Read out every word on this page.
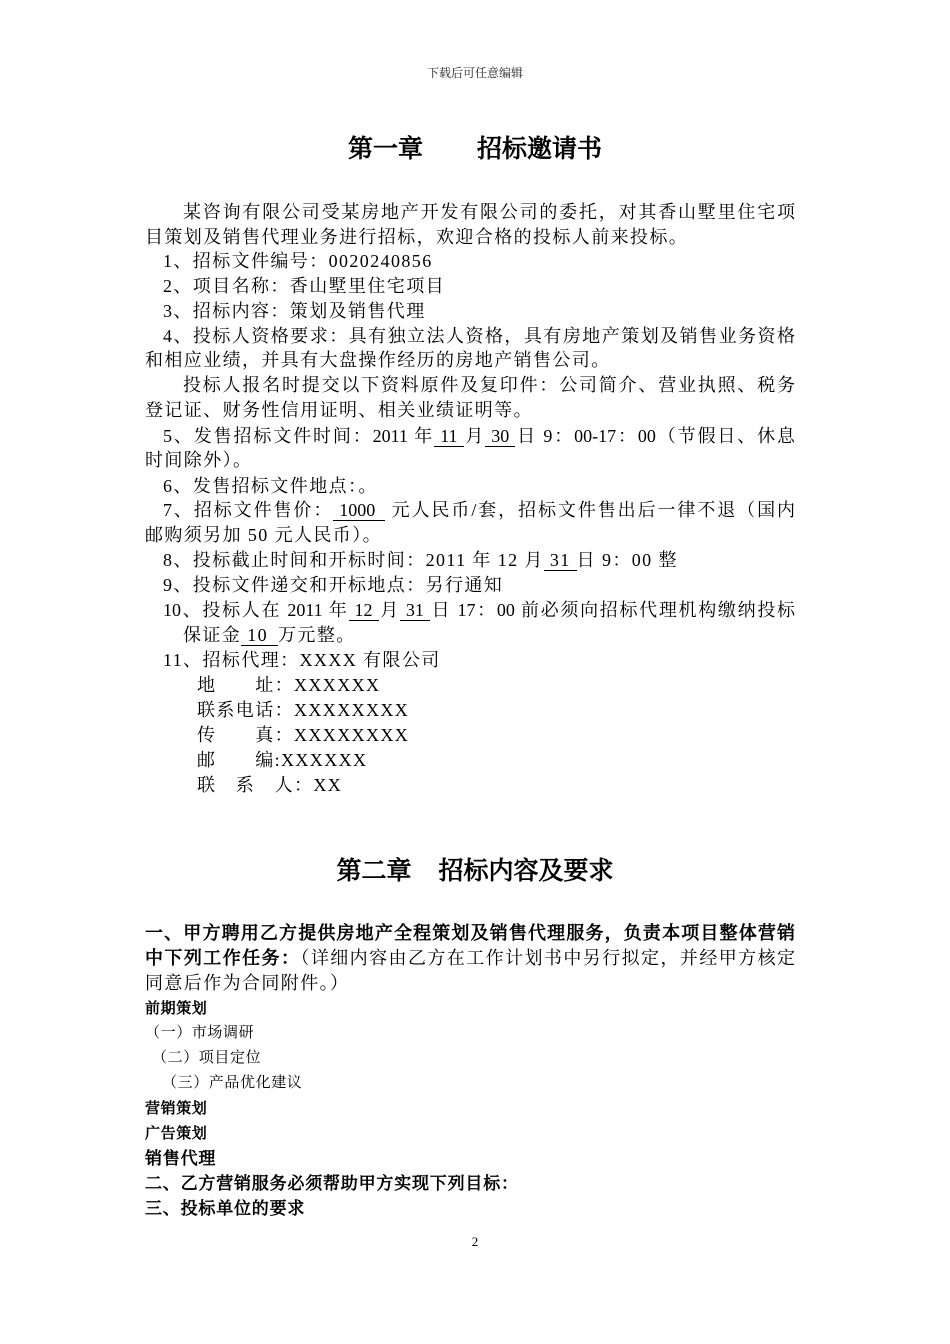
下载后可任意编辑
第一章 招标邀请书
某咨询有限公司受某房地产开发有限公司的委托，对其香山墅里住宅项
目策划及销售代理业务进行招标，欢迎合格的投标人前来投标。
1、招标文件编号：0020240856
2、项目名称：香山墅里住宅项目
3、招标内容：策划及销售代理
4、投标人资格要求：具有独立法人资格，具有房地产策划及销售业务资格
和相应业绩，并具有大盘操作经历的房地产销售公司。
投标人报名时提交以下资料原件及复印件：公司简介、营业执照、税务
登记证、财务性信用证明、相关业绩证明等。
5、发售招标文件时间：2011 年 11 月 30 日 9：00-17：00（节假日、休息
时间除外）。
6、发售招标文件地点：。
7、招标文件售价： 1000 元人民币/套，招标文件售出后一律不退（国内
邮购须另加 50 元人民币）。
8、投标截止时间和开标时间：2011 年 12 月 31 日 9：00 整
9、投标文件递交和开标地点：另行通知
10、投标人在 2011 年 12 月 31 日 17：00 前必须向招标代理机构缴纳投标
保证金 10 万元整。
11、招标代理：XXXX 有限公司
地　　址：XXXXXX
联系电话：XXXXXXXX
传　　真：XXXXXXXX
邮　　编:XXXXXX
联　系　人：XX
第二章 招标内容及要求
一、甲方聘用乙方提供房地产全程策划及销售代理服务，负责本项目整体营销
中下列工作任务：（详细内容由乙方在工作计划书中另行拟定，并经甲方核定
同意后作为合同附件。）
前期策划
（一）市场调研
（二）项目定位
（三）产品优化建议
营销策划
广告策划
销售代理
二、乙方营销服务必须帮助甲方实现下列目标：
三、投标单位的要求
2
